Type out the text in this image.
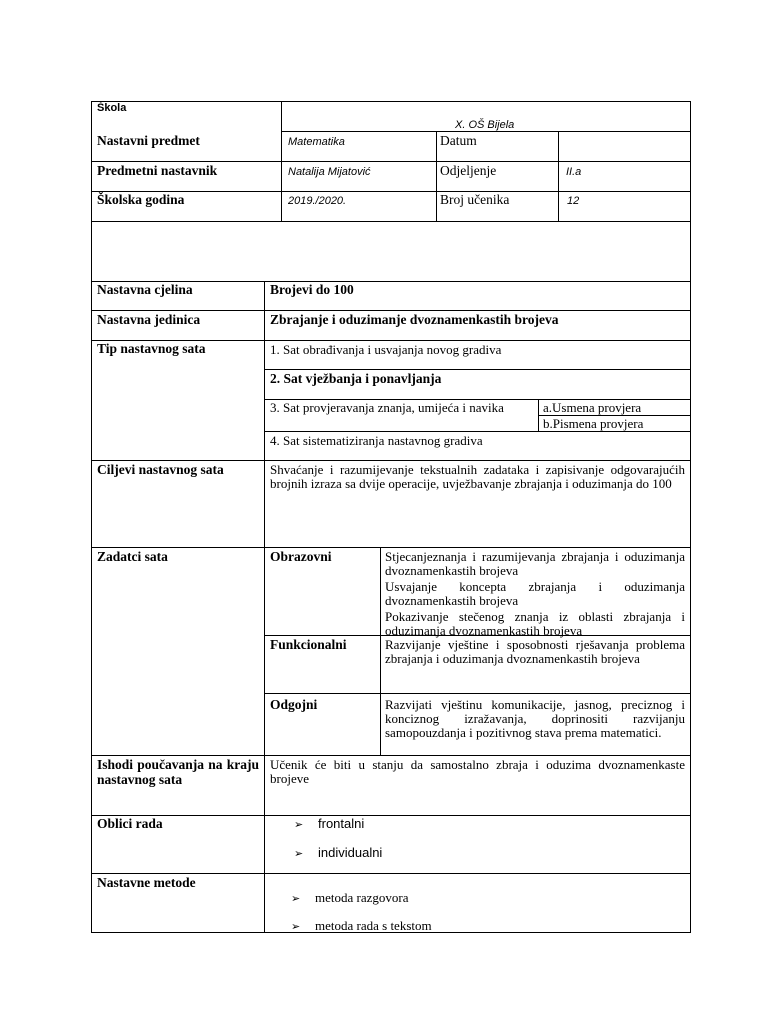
Škola
X. OŠ Bijela
Nastavni predmet	Matematika	Datum
Predmetni nastavnik	Natalija Mijatović	Odjeljenje	II.a
Školska godina	2019./2020.	Broj učenika	12
Nastavna cjelina	Brojevi do 100
Nastavna jedinica	Zbrajanje i oduzimanje dvoznamenkastih brojeva
Tip nastavnog sata	1. Sat obrađivanja i usvajanja novog gradiva
2. Sat vježbanja i ponavljanja
3. Sat provjeravanja znanja, umijeća i navika	a.Usmena provjera
b.Pismena provjera
4. Sat sistematiziranja nastavnog gradiva
Ciljevi nastavnog sata	Shvaćanje i razumijevanje tekstualnih zadataka i zapisivanje odgovarajućih brojnih izraza sa dvije operacije, uvježbavanje zbrajanja i oduzimanja do 100
Zadatci sata	Obrazovni	Stjecanjeznanja i razumijevanja zbrajanja i oduzimanja dvoznamenkastih brojeva
Usvajanje koncepta zbrajanja i oduzimanja dvoznamenkastih brojeva
Pokazivanje stečenog znanja iz oblasti zbrajanja i oduzimanja dvoznamenkastih brojeva
Funkcionalni	Razvijanje vještine i sposobnosti rješavanja problema zbrajanja i oduzimanja dvoznamenkastih brojeva
Odgojni	Razvijati vještinu komunikacije, jasnog, preciznog i konciznog izražavanja, doprinositi razvijanju samopouzdanja i pozitivnog stava prema matematici.
Ishodi poučavanja na kraju nastavnog sata
Učenik će biti u stanju da samostalno zbraja i oduzima dvoznamenkaste brojeve
Oblici rada
➢	frontalni
➢ individualni
Nastavne metode
➢ metoda razgovora
➢ metoda rada s tekstom
